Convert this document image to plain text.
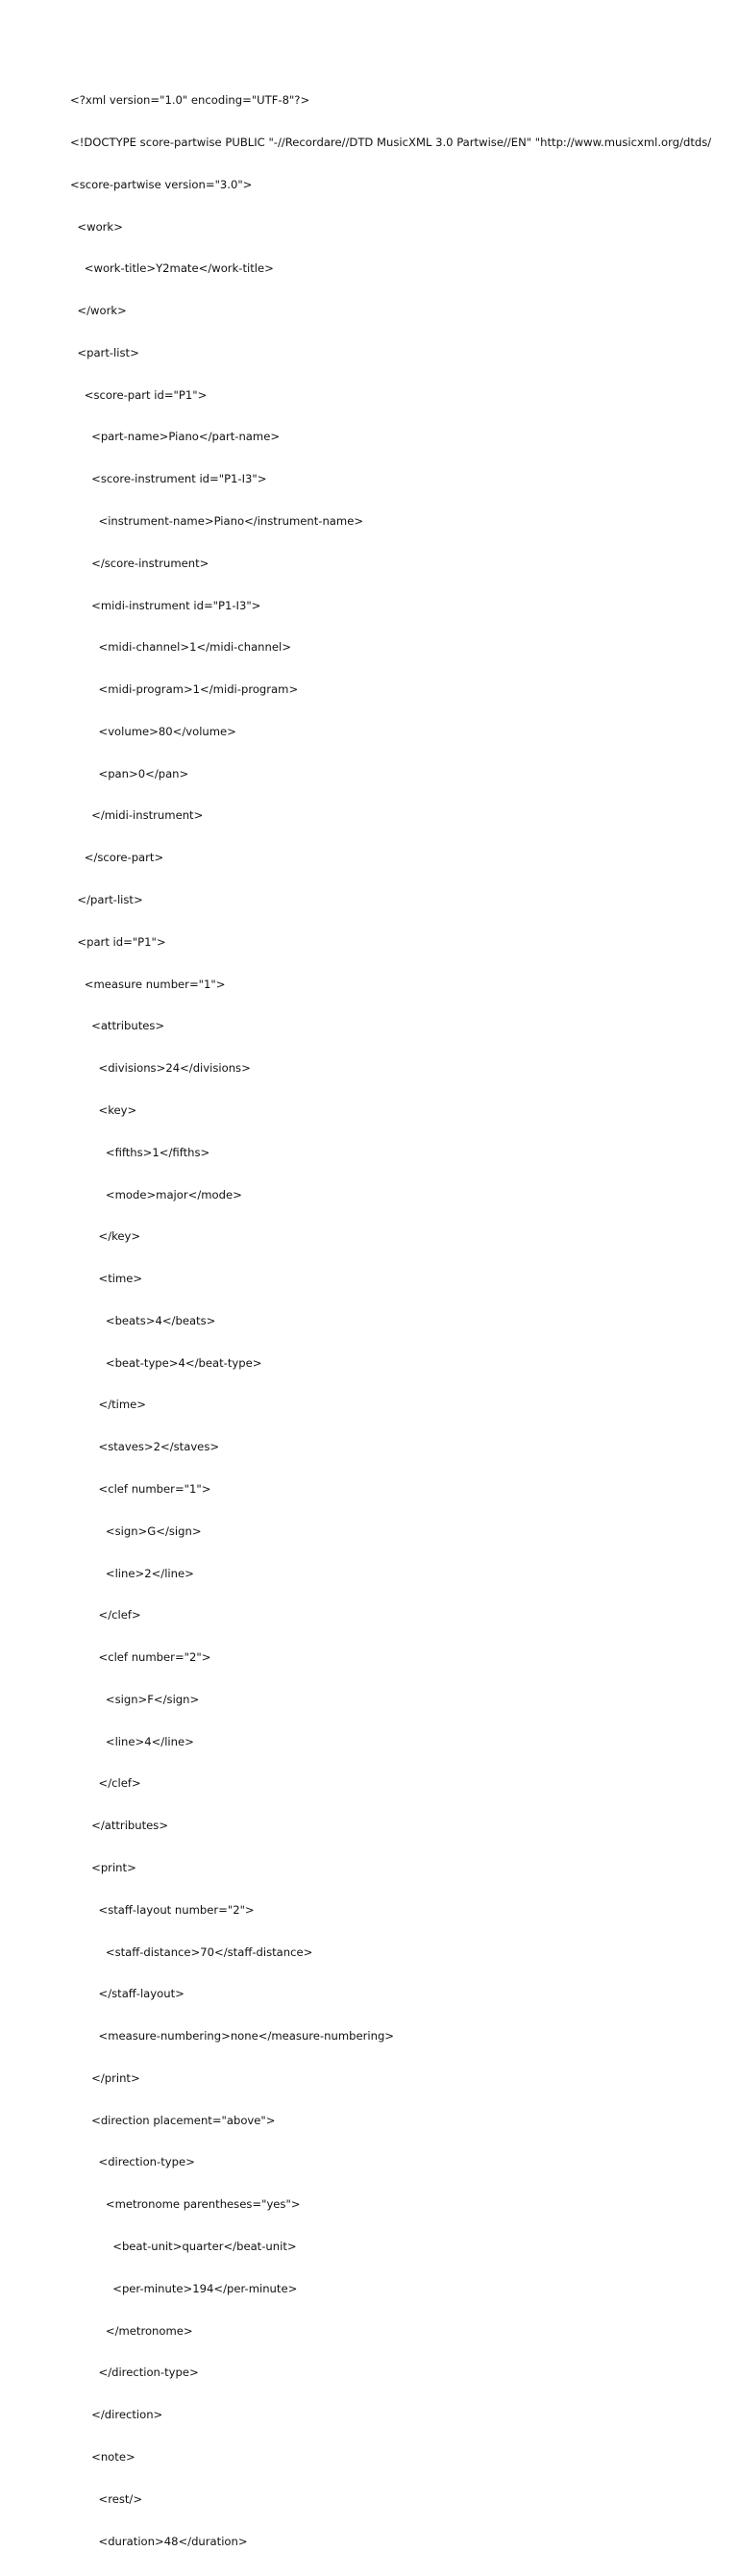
<?xml version="1.0" encoding="UTF-8"?>

<!DOCTYPE score-partwise PUBLIC "-//Recordare//DTD MusicXML 3.0 Partwise//EN" "http://www.musicxml.org/dtds/

<score-partwise version="3.0">

<work>

<work-title>Y2mate</work-title>

</work>

<part-list>

<score-part id="P1">

<part-name>Piano</part-name>

<score-instrument id="P1-I3">

<instrument-name>Piano</instrument-name>

</score-instrument>

<midi-instrument id="P1-I3">

<midi-channel>1</midi-channel>

<midi-program>1</midi-program>

<volume>80</volume>

<pan>0</pan>

</midi-instrument>

</score-part>

</part-list>

<part id="P1">

<measure number="1">

<attributes>

<divisions>24</divisions>

<key>

<fifths>1</fifths>

<mode>major</mode>

</key>

<time>

<beats>4</beats>

<beat-type>4</beat-type>

</time>

<staves>2</staves>

<clef number="1">

<sign>G</sign>

<line>2</line>

</clef>

<clef number="2">

<sign>F</sign>

<line>4</line>

</clef>

</attributes>

<print>

<staff-layout number="2">

<staff-distance>70</staff-distance>

</staff-layout>

<measure-numbering>none</measure-numbering>

</print>

<direction placement="above">

<direction-type>

<metronome parentheses="yes">

<beat-unit>quarter</beat-unit>

<per-minute>194</per-minute>

</metronome>

</direction-type>

</direction>

<note>

<rest/>

<duration>48</duration>
